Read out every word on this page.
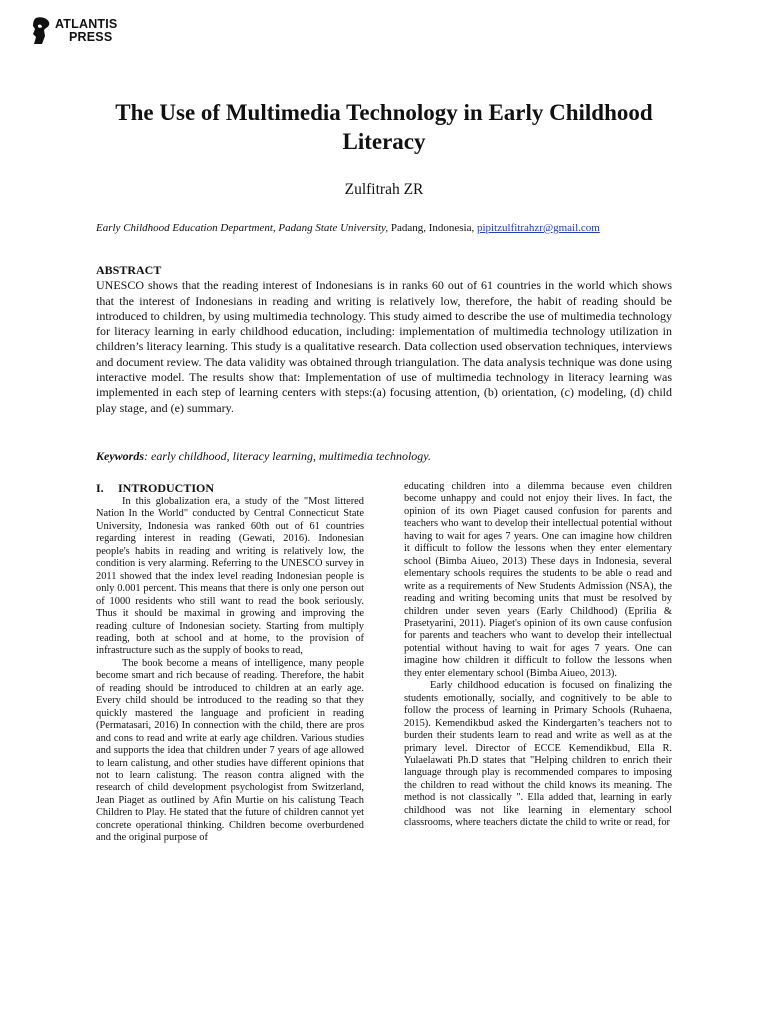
ATLANTIS
PRESS
The Use of Multimedia Technology in Early Childhood Literacy

Zulfitrah ZR

Early Childhood Education Department, Padang State University, Padang, Indonesia, pipitzulfitrahzr@gmail.com
ABSTRACT

UNESCO shows that the reading interest of Indonesians is in ranks 60 out of 61 countries in the world which shows that the interest of Indonesians in reading and writing is relatively low, therefore, the habit of reading should be introduced to children, by using multimedia technology. This study aimed to describe the use of multimedia technology for literacy learning in early childhood education, including: implementation of multimedia technology utilization in children’s literacy learning. This study is a qualitative research. Data collection used observation techniques, interviews and document review. The data validity was obtained through triangulation. The data analysis technique was done using interactive model. The results show that: Implementation of use of multimedia technology in literacy learning was implemented in each step of learning centers with steps:(a) focusing attention, (b) orientation, (c) modeling, (d) child play stage, and (e) summary.

Keywords: early childhood, literacy learning, multimedia technology.
I. INTRODUCTION

In this globalization era, a study of the "Most littered Nation In the World" conducted by Central Connecticut State University, Indonesia was ranked 60th out of 61 countries regarding interest in reading (Gewati, 2016). Indonesian people's habits in reading and writing is relatively low, the condition is very alarming. Referring to the UNESCO survey in 2011 showed that the index level reading Indonesian people is only 0.001 percent. This means that there is only one person out of 1000 residents who still want to read the book seriously. Thus it should be maximal in growing and improving the reading culture of Indonesian society. Starting from multiply reading, both at school and at home, to the provision of infrastructure such as the supply of books to read,

The book become a means of intelligence, many people become smart and rich because of reading. Therefore, the habit of reading should be introduced to children at an early age. Every child should be introduced to the reading so that they quickly mastered the language and proficient in reading (Permatasari, 2016) In connection with the child, there are pros and cons to read and write at early age children. Various studies and supports the idea that children under 7 years of age allowed to learn calistung, and other studies have different opinions that not to learn calistung. The reason contra aligned with the research of child development psychologist from Switzerland, Jean Piaget as outlined by Afin Murtie on his calistung Teach Children to Play. He stated that the future of children cannot yet concrete operational thinking. Children become overburdened and the original purpose of

educating children into a dilemma because even children become unhappy and could not enjoy their lives. In fact, the opinion of its own Piaget caused confusion for parents and teachers who want to develop their intellectual potential without having to wait for ages 7 years. One can imagine how children it difficult to follow the lessons when they enter elementary school (Bimba Aiueo, 2013) These days in Indonesia, several elementary schools requires the students to be able o read and write as a requirements of New Students Admission (NSA), the reading and writing becoming units that must be resolved by children under seven years (Early Childhood) (Eprilia & Prasetyarini, 2011). Piaget's opinion of its own cause confusion for parents and teachers who want to develop their intellectual potential without having to wait for ages 7 years. One can imagine how children it difficult to follow the lessons when they enter elementary school (Bimba Aiueo, 2013).

Early childhood education is focused on finalizing the students emotionally, socially, and cognitively to be able to follow the process of learning in Primary Schools (Ruhaena, 2015). Kemendikbud asked the Kindergarten’s teachers not to burden their students learn to read and write as well as at the primary level. Director of ECCE Kemendikbud, Ella R. Yulaelawati Ph.D states that "Helping children to enrich their language through play is recommended compares to imposing the children to read without the child knows its meaning. The method is not classically ". Ella added that, learning in early childhood was not like learning in elementary school classrooms, where teachers dictate the child to write or read, for
